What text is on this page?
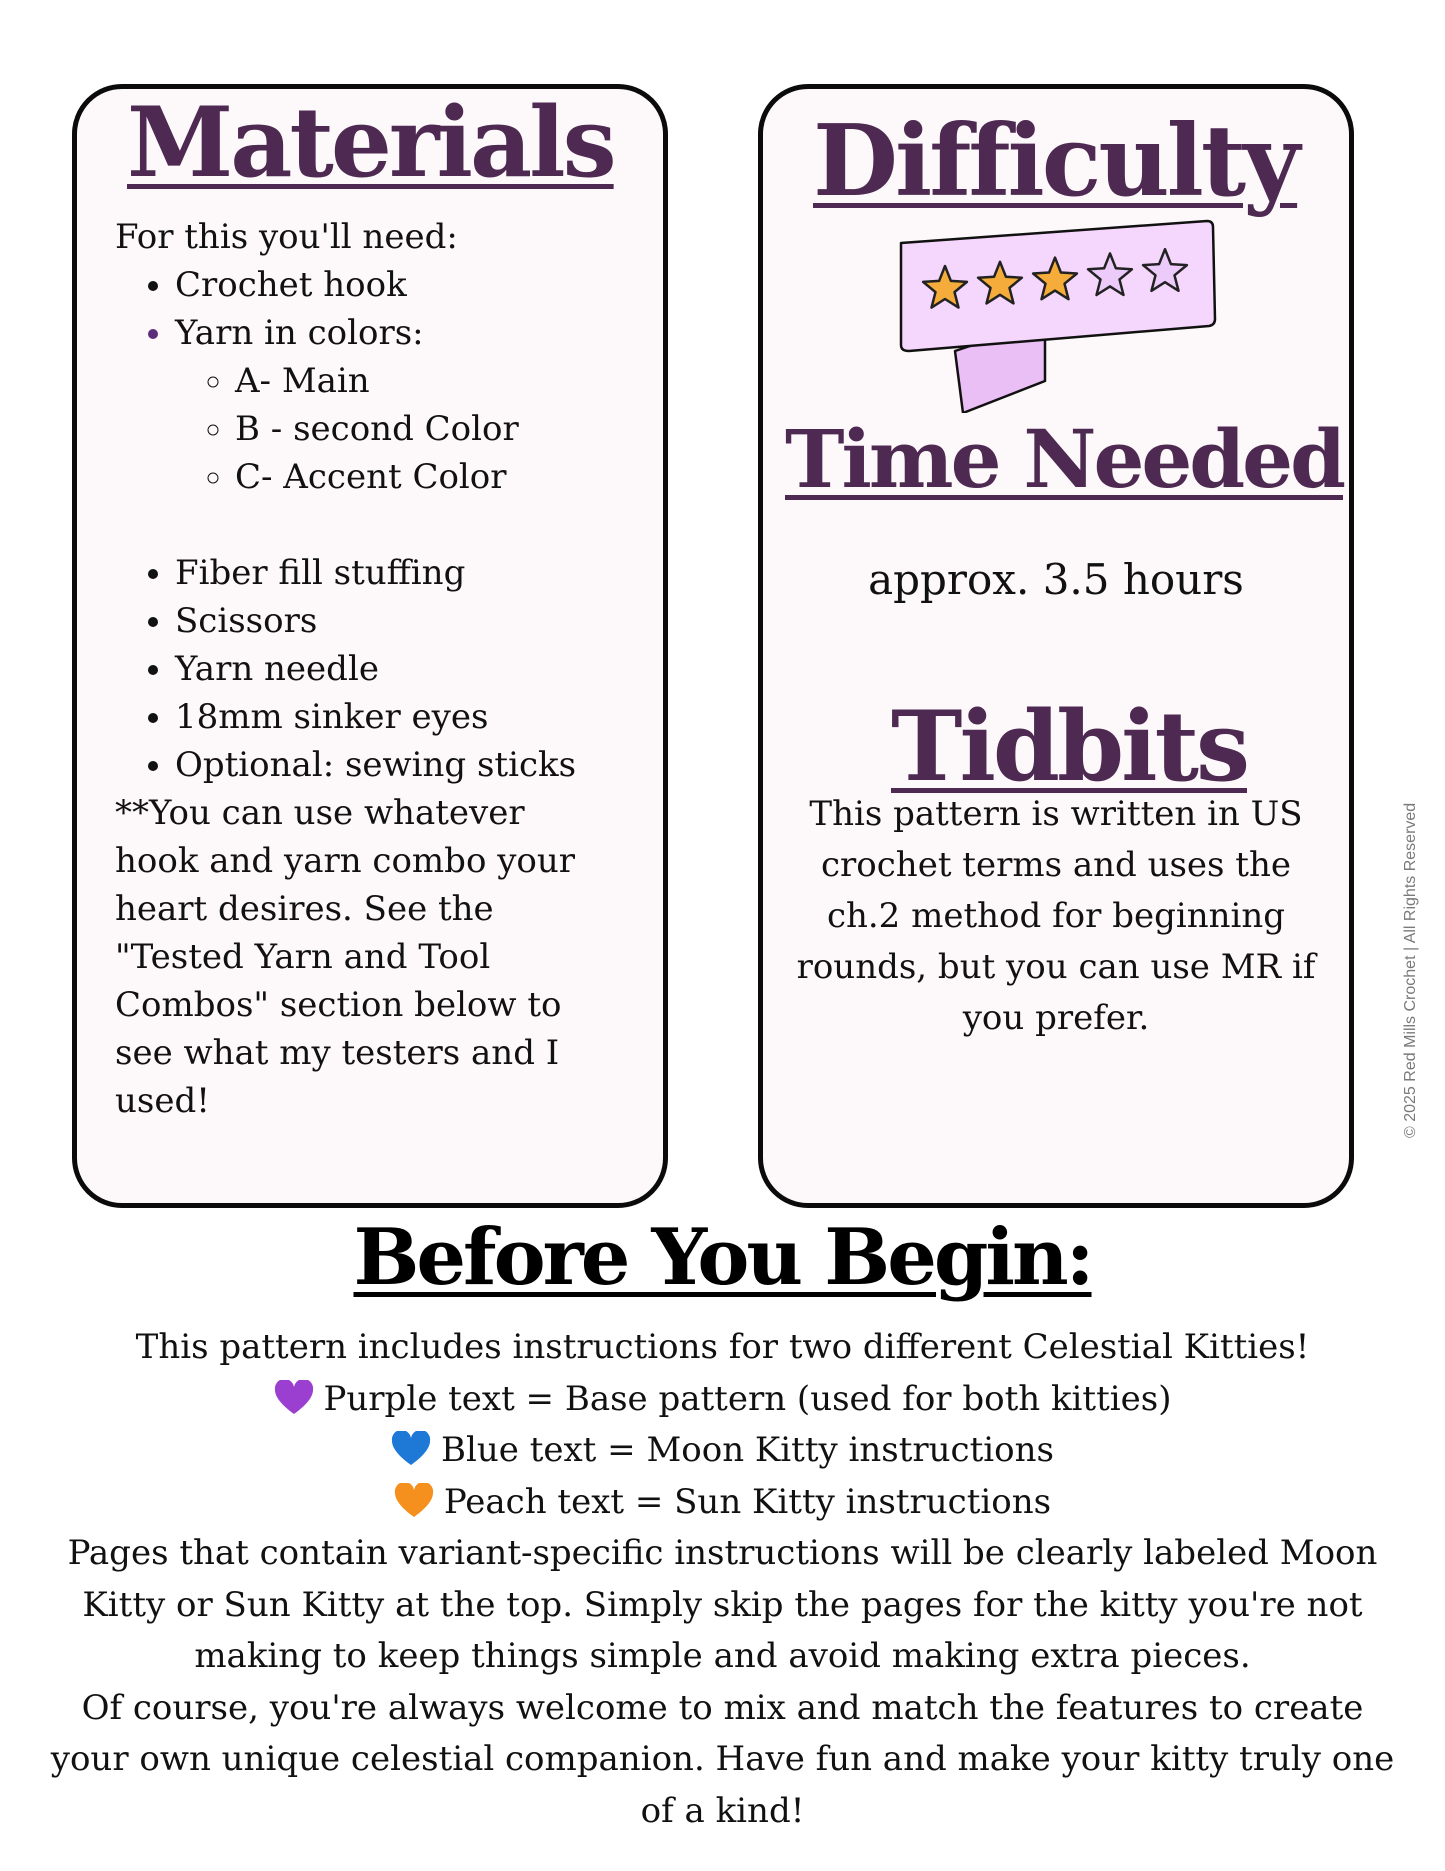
Materials
For this you'll need:
• Crochet hook
• Yarn in colors:
◦ A- Main
◦ B - second Color
◦ C- Accent Color
• Fiber fill stuffing
• Scissors
• Yarn needle
• 18mm sinker eyes
• Optional: sewing sticks
**You can use whatever
hook and yarn combo your
heart desires. See the
"Tested Yarn and Tool
Combos" section below to
see what my testers and I
used!
Difficulty
Time Needed
approx. 3.5 hours
Tidbits
This pattern is written in US
crochet terms and uses the
ch.2 method for beginning
rounds, but you can use MR if
you prefer.	© 2025 Red Mills Crochet | All Rights Reserved
Before You Begin:
This pattern includes instructions for two different Celestial Kitties!
Purple text = Base pattern (used for both kitties)
Blue text = Moon Kitty instructions
Peach text = Sun Kitty instructions
Pages that contain variant-specific instructions will be clearly labeled Moon
Kitty or Sun Kitty at the top. Simply skip the pages for the kitty you're not
making to keep things simple and avoid making extra pieces.
Of course, you're always welcome to mix and match the features to create
your own unique celestial companion. Have fun and make your kitty truly one
of a kind!
